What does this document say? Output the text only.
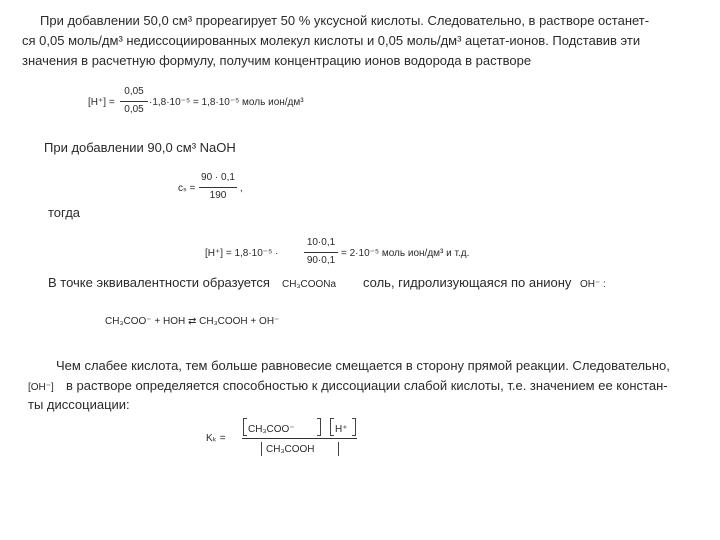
При добавлении 50,0 см³ прореагирует 50 % уксусной кислоты. Следовательно, в растворе останет-
ся 0,05 моль/дм³ недиссоциированных молекул кислоты и 0,05 моль/дм³ ацетат-ионов. Подставив эти
значения в расчетную формулу, получим концентрацию ионов водорода в растворе
[H⁺] =
0,05
0,05
·1,8·10⁻⁵ = 1,8·10⁻⁵ моль ион/дм³
При добавлении 90,0 см³ NaOH
cₛ =
90 · 0,1
190
,
тогда
[H⁺] = 1,8·10⁻⁵ ·
10·0,1
90·0,1
= 2·10⁻⁵ моль ион/дм³ и т.д.
В точке эквивалентности образуется CH₃COONa соль, гидролизующаяся по аниону OH⁻ :
CH₃COO⁻ + HOH ⇄ CH₃COOH + OH⁻
Чем слабее кислота, тем больше равновесие смещается в сторону прямой реакции. Следовательно,
[OH⁻] в растворе определяется способностью к диссоциации слабой кислоты, т.е. значением ее констан-
ты диссоциации:
Kₖ =
CH₃COO⁻	H⁺
CH₃COOH
